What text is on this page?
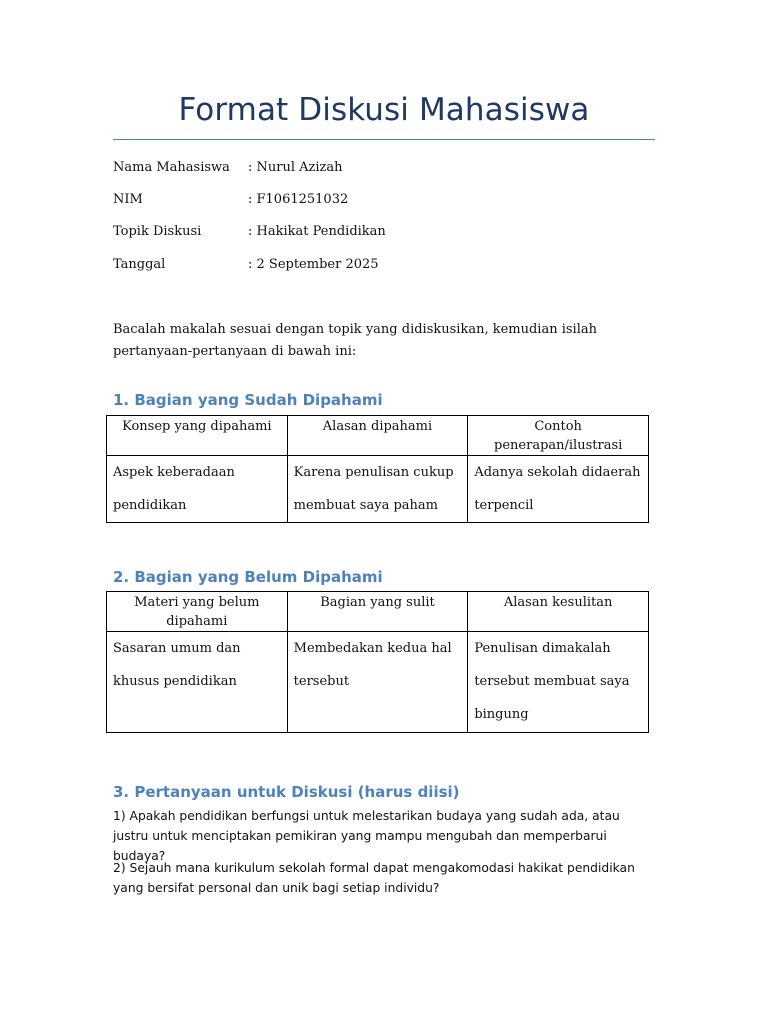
Format Diskusi Mahasiswa
Nama Mahasiswa : Nurul Azizah
NIM	: F1061251032
Topik Diskusi	: Hakikat Pendidikan
Tanggal	: 2 September 2025
Bacalah makalah sesuai dengan topik yang didiskusikan, kemudian isilah pertanyaan-pertanyaan di bawah ini:
1. Bagian yang Sudah Dipahami
Konsep yang dipahami	Alasan dipahami	Contoh penerapan/ilustrasi
Aspek keberadaan pendidikan	Karena penulisan cukup membuat saya paham	Adanya sekolah didaerah terpencil
2. Bagian yang Belum Dipahami
Materi yang belum dipahami	Bagian yang sulit	Alasan kesulitan
Sasaran umum dan khusus pendidikan	Membedakan kedua hal tersebut	Penulisan dimakalah tersebut membuat saya bingung
3. Pertanyaan untuk Diskusi (harus diisi)
1) Apakah pendidikan berfungsi untuk melestarikan budaya yang sudah ada, atau justru untuk menciptakan pemikiran yang mampu mengubah dan memperbarui budaya?
2) Sejauh mana kurikulum sekolah formal dapat mengakomodasi hakikat pendidikan yang bersifat personal dan unik bagi setiap individu?
